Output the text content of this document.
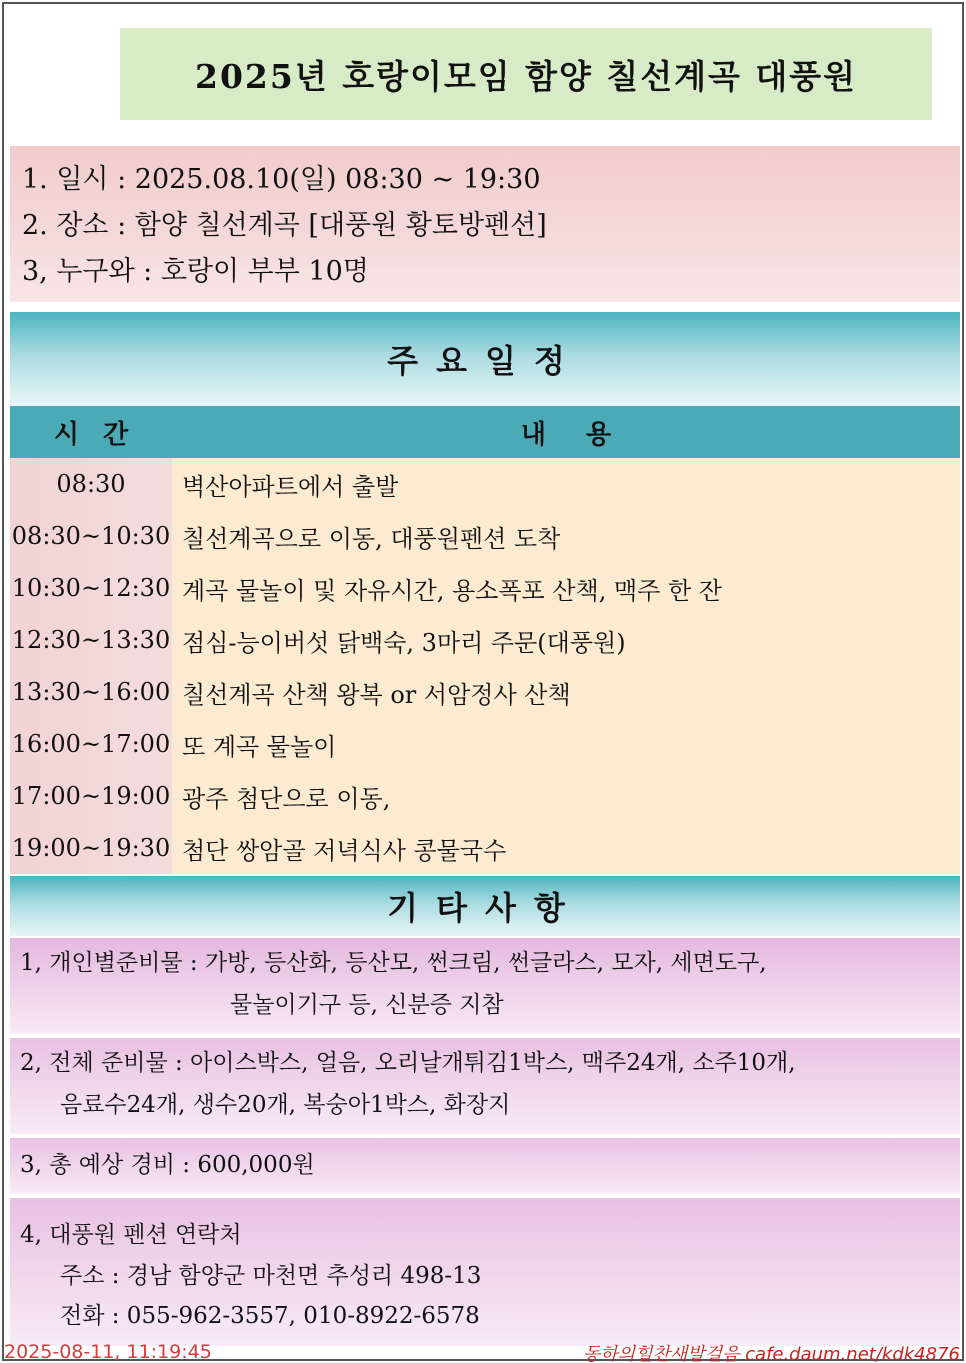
2025년 호랑이모임 함양 칠선계곡 대풍원
1. 일시 : 2025.08.10(일) 08:30 ~ 19:30
2. 장소 : 함양 칠선계곡 [대풍원 황토방펜션]
3, 누구와 : 호랑이 부부 10명
주요일정
시간	내용
08:30
08:30~10:30
10:30~12:30
12:30~13:30
13:30~16:00
16:00~17:00
17:00~19:00
19:00~19:30
벽산아파트에서 출발
칠선계곡으로 이동, 대풍원펜션 도착
계곡 물놀이 및 자유시간, 용소폭포 산책, 맥주 한 잔
점심-능이버섯 닭백숙, 3마리 주문(대풍원)
칠선계곡 산책 왕복 or 서암정사 산책
또 계곡 물놀이
광주 첨단으로 이동,
첨단 쌍암골 저녁식사 콩물국수
기타사항
1, 개인별준비물 : 가방, 등산화, 등산모, 썬크림, 썬글라스, 모자, 세면도구,
물놀이기구 등, 신분증 지참
2, 전체 준비물 : 아이스박스, 얼음, 오리날개튀김1박스, 맥주24개, 소주10개,
음료수24개, 생수20개, 복숭아1박스, 화장지
3, 총 예상 경비 : 600,000원
4, 대풍원 펜션 연락처
주소 : 경남 함양군 마천면 추성리 498-13
전화 : 055-962-3557, 010-8922-6578
2025-08-11, 11:19:45	동하의힐찬새발걸음 cafe.daum.net/kdk4876
